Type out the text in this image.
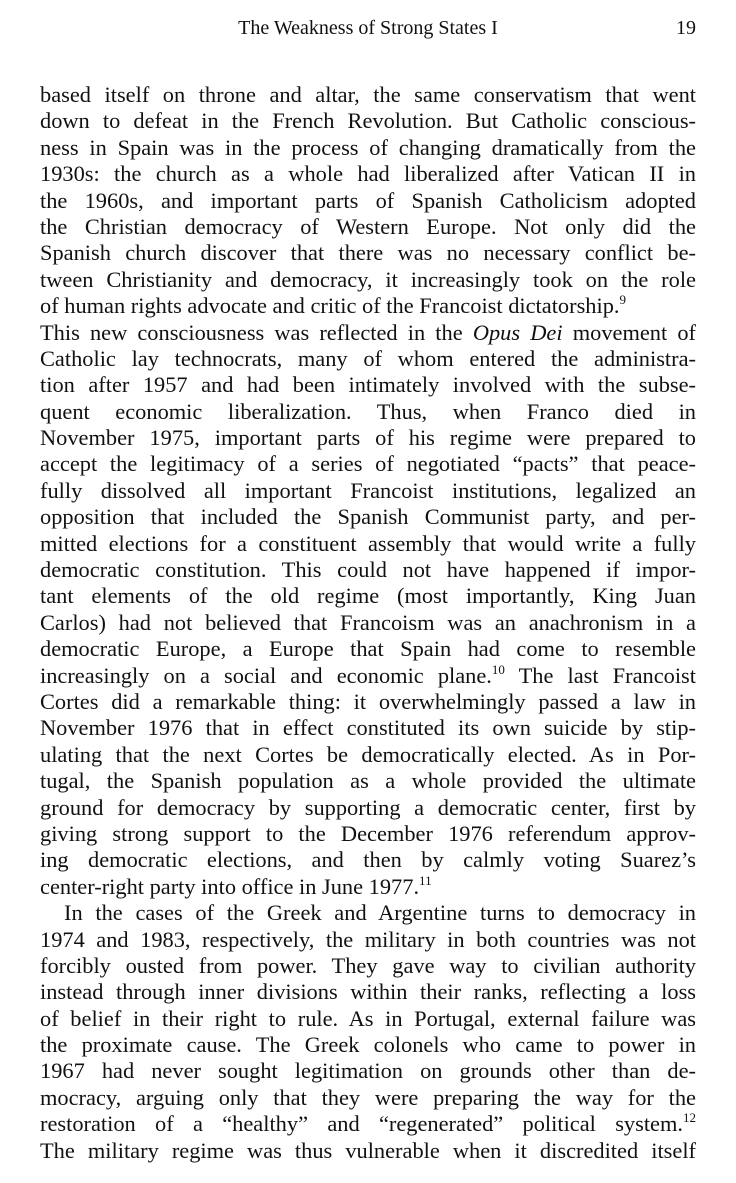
The Weakness of Strong States I	19
based itself on throne and altar, the same conservatism that went
down to defeat in the French Revolution. But Catholic conscious-
ness in Spain was in the process of changing dramatically from the
1930s: the church as a whole had liberalized after Vatican II in
the 1960s, and important parts of Spanish Catholicism adopted
the Christian democracy of Western Europe. Not only did the
Spanish church discover that there was no necessary conflict be-
tween Christianity and democracy, it increasingly took on the role
of human rights advocate and critic of the Francoist dictatorship.$^9$
This new consciousness was reflected in the Opus Dei movement of
Catholic lay technocrats, many of whom entered the administra-
tion after 1957 and had been intimately involved with the subse-
quent economic liberalization. Thus, when Franco died in
November 1975, important parts of his regime were prepared to
accept the legitimacy of a series of negotiated “pacts” that peace-
fully dissolved all important Francoist institutions, legalized an
opposition that included the Spanish Communist party, and per-
mitted elections for a constituent assembly that would write a fully
democratic constitution. This could not have happened if impor-
tant elements of the old regime (most importantly, King Juan
Carlos) had not believed that Francoism was an anachronism in a
democratic Europe, a Europe that Spain had come to resemble
increasingly on a social and economic plane.$^{10}$ The last Francoist
Cortes did a remarkable thing: it overwhelmingly passed a law in
November 1976 that in effect constituted its own suicide by stip-
ulating that the next Cortes be democratically elected. As in Por-
tugal, the Spanish population as a whole provided the ultimate
ground for democracy by supporting a democratic center, first by
giving strong support to the December 1976 referendum approv-
ing democratic elections, and then by calmly voting Suarez’s
center-right party into office in June 1977.11
In the cases of the Greek and Argentine turns to democracy in
1974 and 1983, respectively, the military in both countries was not
forcibly ousted from power. They gave way to civilian authority
instead through inner divisions within their ranks, reflecting a loss
of belief in their right to rule. As in Portugal, external failure was
the proximate cause. The Greek colonels who came to power in
1967 had never sought legitimation on grounds other than de-
mocracy, arguing only that they were preparing the way for the
restoration of a “healthy” and “regenerated” political system.$^{12}$
The military regime was thus vulnerable when it discredited itself
